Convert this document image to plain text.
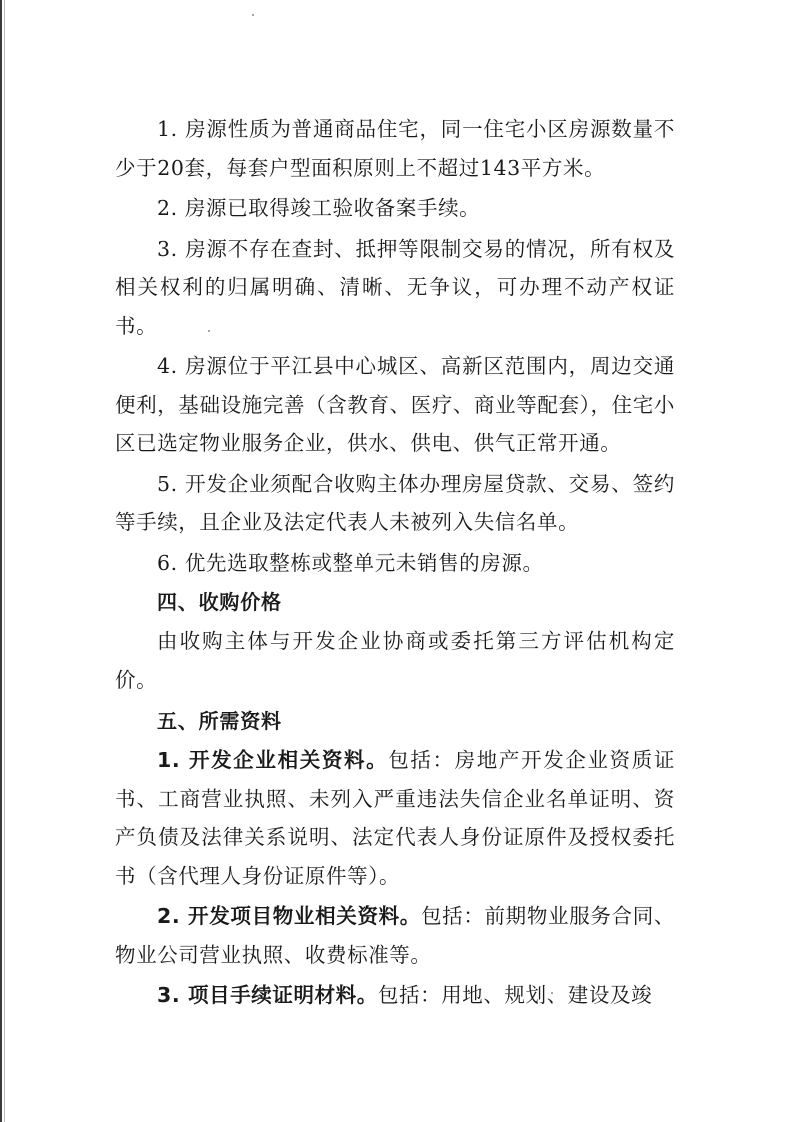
1. 房源性质为普通商品住宅，同一住宅小区房源数量不少于20套，每套户型面积原则上不超过143平方米。

2. 房源已取得竣工验收备案手续。

3. 房源不存在查封、抵押等限制交易的情况，所有权及相关权利的归属明确、清晰、无争议，可办理不动产权证书。

4. 房源位于平江县中心城区、高新区范围内，周边交通便利，基础设施完善（含教育、医疗、商业等配套），住宅小区已选定物业服务企业，供水、供电、供气正常开通。

5. 开发企业须配合收购主体办理房屋贷款、交易、签约等手续，且企业及法定代表人未被列入失信名单。

6. 优先选取整栋或整单元未销售的房源。

四、收购价格

由收购主体与开发企业协商或委托第三方评估机构定价。

五、所需资料

1. 开发企业相关资料。包括：房地产开发企业资质证书、工商营业执照、未列入严重违法失信企业名单证明、资产负债及法律关系说明、法定代表人身份证原件及授权委托书（含代理人身份证原件等）。

2. 开发项目物业相关资料。包括：前期物业服务合同、物业公司营业执照、收费标准等。

3. 项目手续证明材料。包括：用地、规划、建设及竣
